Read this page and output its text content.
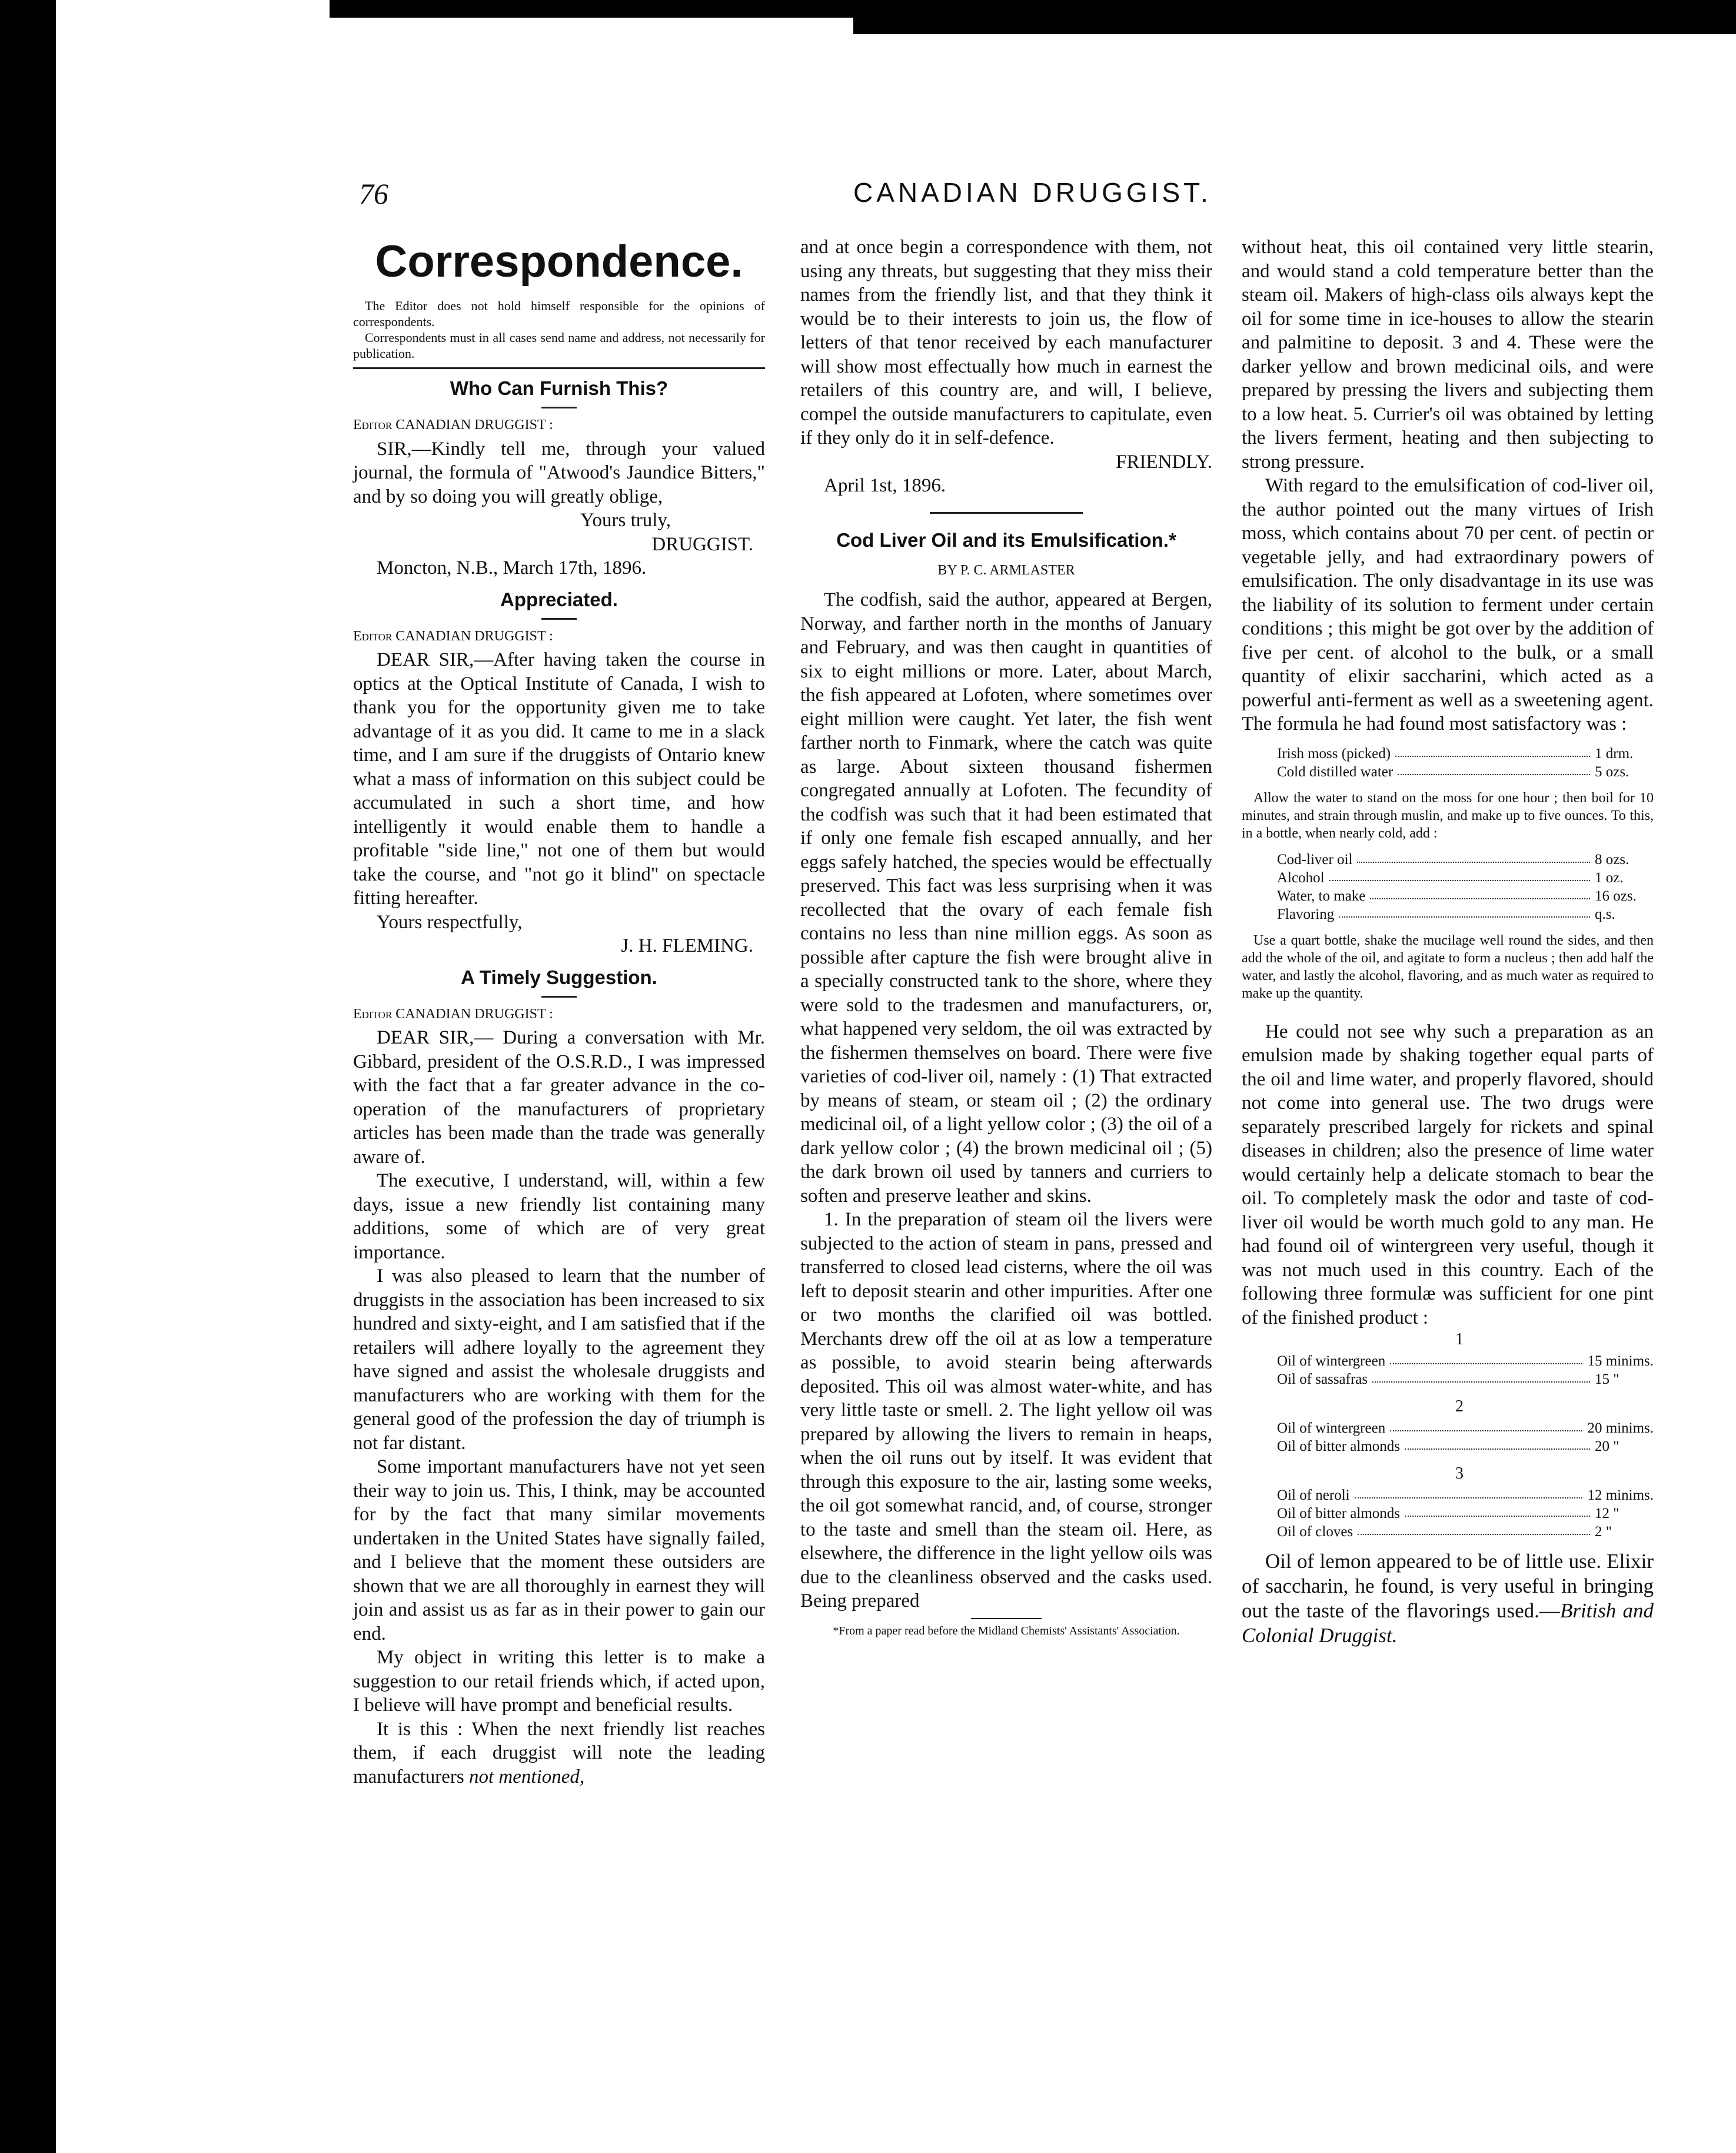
76	CANADIAN DRUGGIST.
Correspondence.

The Editor does not hold himself responsible for the opinions of correspondents.

Correspondents must in all cases send name and address, not necessarily for publication.

Who Can Furnish This?

Editor CANADIAN DRUGGIST :

SIR,—Kindly tell me, through your valued journal, the formula of "Atwood's Jaundice Bitters," and by so doing you will greatly oblige,

Yours truly,

DRUGGIST.

Moncton, N.B., March 17th, 1896.

Appreciated.

Editor CANADIAN DRUGGIST :

DEAR SIR,—After having taken the course in optics at the Optical Institute of Canada, I wish to thank you for the opportunity given me to take advantage of it as you did. It came to me in a slack time, and I am sure if the druggists of Ontario knew what a mass of information on this subject could be accumulated in such a short time, and how intelligently it would enable them to handle a profitable "side line," not one of them but would take the course, and "not go it blind" on spectacle fitting hereafter.

Yours respectfully,

J. H. FLEMING.

A Timely Suggestion.

Editor CANADIAN DRUGGIST :

DEAR SIR,— During a conversation with Mr. Gibbard, president of the O.S.R.D., I was impressed with the fact that a far greater advance in the co-operation of the manufacturers of proprietary articles has been made than the trade was generally aware of.

The executive, I understand, will, within a few days, issue a new friendly list containing many additions, some of which are of very great importance.

I was also pleased to learn that the number of druggists in the association has been increased to six hundred and sixty-eight, and I am satisfied that if the retailers will adhere loyally to the agreement they have signed and assist the wholesale druggists and manufacturers who are working with them for the general good of the profession the day of triumph is not far distant.

Some important manufacturers have not yet seen their way to join us. This, I think, may be accounted for by the fact that many similar movements undertaken in the United States have signally failed, and I believe that the moment these outsiders are shown that we are all thoroughly in earnest they will join and assist us as far as in their power to gain our end.

My object in writing this letter is to make a suggestion to our retail friends which, if acted upon, I believe will have prompt and beneficial results.

It is this : When the next friendly list reaches them, if each druggist will note the leading manufacturers not mentioned,

and at once begin a correspondence with them, not using any threats, but suggesting that they miss their names from the friendly list, and that they think it would be to their interests to join us, the flow of letters of that tenor received by each manufacturer will show most effectually how much in earnest the retailers of this country are, and will, I believe, compel the outside manufacturers to capitulate, even if they only do it in self-defence.

FRIENDLY.

April 1st, 1896.

Cod Liver Oil and its Emulsification.*

BY P. C. ARMLASTER

The codfish, said the author, appeared at Bergen, Norway, and farther north in the months of January and February, and was then caught in quantities of six to eight millions or more. Later, about March, the fish appeared at Lofoten, where sometimes over eight million were caught. Yet later, the fish went farther north to Finmark, where the catch was quite as large. About sixteen thousand fishermen congregated annually at Lofoten. The fecundity of the codfish was such that it had been estimated that if only one female fish escaped annually, and her eggs safely hatched, the species would be effectually preserved. This fact was less surprising when it was recollected that the ovary of each female fish contains no less than nine million eggs. As soon as possible after capture the fish were brought alive in a specially constructed tank to the shore, where they were sold to the tradesmen and manufacturers, or, what happened very seldom, the oil was extracted by the fishermen themselves on board. There were five varieties of cod-liver oil, namely : (1) That extracted by means of steam, or steam oil ; (2) the ordinary medicinal oil, of a light yellow color ; (3) the oil of a dark yellow color ; (4) the brown medicinal oil ; (5) the dark brown oil used by tanners and curriers to soften and preserve leather and skins.

1. In the preparation of steam oil the livers were subjected to the action of steam in pans, pressed and transferred to closed lead cisterns, where the oil was left to deposit stearin and other impurities. After one or two months the clarified oil was bottled. Merchants drew off the oil at as low a temperature as possible, to avoid stearin being afterwards deposited. This oil was almost water-white, and has very little taste or smell. 2. The light yellow oil was prepared by allowing the livers to remain in heaps, when the oil runs out by itself. It was evident that through this exposure to the air, lasting some weeks, the oil got somewhat rancid, and, of course, stronger to the taste and smell than the steam oil. Here, as elsewhere, the difference in the light yellow oils was due to the cleanliness observed and the casks used. Being prepared

*From a paper read before the Midland Chemists' Assistants' Association.

without heat, this oil contained very little stearin, and would stand a cold temperature better than the steam oil. Makers of high-class oils always kept the oil for some time in ice-houses to allow the stearin and palmitine to deposit. 3 and 4. These were the darker yellow and brown medicinal oils, and were prepared by pressing the livers and subjecting them to a low heat. 5. Currier's oil was obtained by letting the livers ferment, heating and then subjecting to strong pressure.

With regard to the emulsification of cod-liver oil, the author pointed out the many virtues of Irish moss, which contains about 70 per cent. of pectin or vegetable jelly, and had extraordinary powers of emulsification. The only disadvantage in its use was the liability of its solution to ferment under certain conditions ; this might be got over by the addition of five per cent. of alcohol to the bulk, or a small quantity of elixir saccharini, which acted as a powerful anti-ferment as well as a sweetening agent. The formula he had found most satisfactory was :

Irish moss (picked)	1 drm.
Cold distilled water	5 ozs.

Allow the water to stand on the moss for one hour ; then boil for 10 minutes, and strain through muslin, and make up to five ounces. To this, in a bottle, when nearly cold, add :

Cod-liver oil	8 ozs.
Alcohol	1 oz.
Water, to make	16 ozs.
Flavoring	q.s.

Use a quart bottle, shake the mucilage well round the sides, and then add the whole of the oil, and agitate to form a nucleus ; then add half the water, and lastly the alcohol, flavoring, and as much water as required to make up the quantity.

He could not see why such a preparation as an emulsion made by shaking together equal parts of the oil and lime water, and properly flavored, should not come into general use. The two drugs were separately prescribed largely for rickets and spinal diseases in children; also the presence of lime water would certainly help a delicate stomach to bear the oil. To completely mask the odor and taste of cod-liver oil would be worth much gold to any man. He had found oil of wintergreen very useful, though it was not much used in this country. Each of the following three formulæ was sufficient for one pint of the finished product :

1
Oil of wintergreen	15 minims.
Oil of sassafras	15 "
2
Oil of wintergreen	20 minims.
Oil of bitter almonds	20 "
3
Oil of neroli	12 minims.
Oil of bitter almonds	12 "
Oil of cloves	2 "

Oil of lemon appeared to be of little use. Elixir of saccharin, he found, is very useful in bringing out the taste of the flavorings used.—British and Colonial Druggist.
